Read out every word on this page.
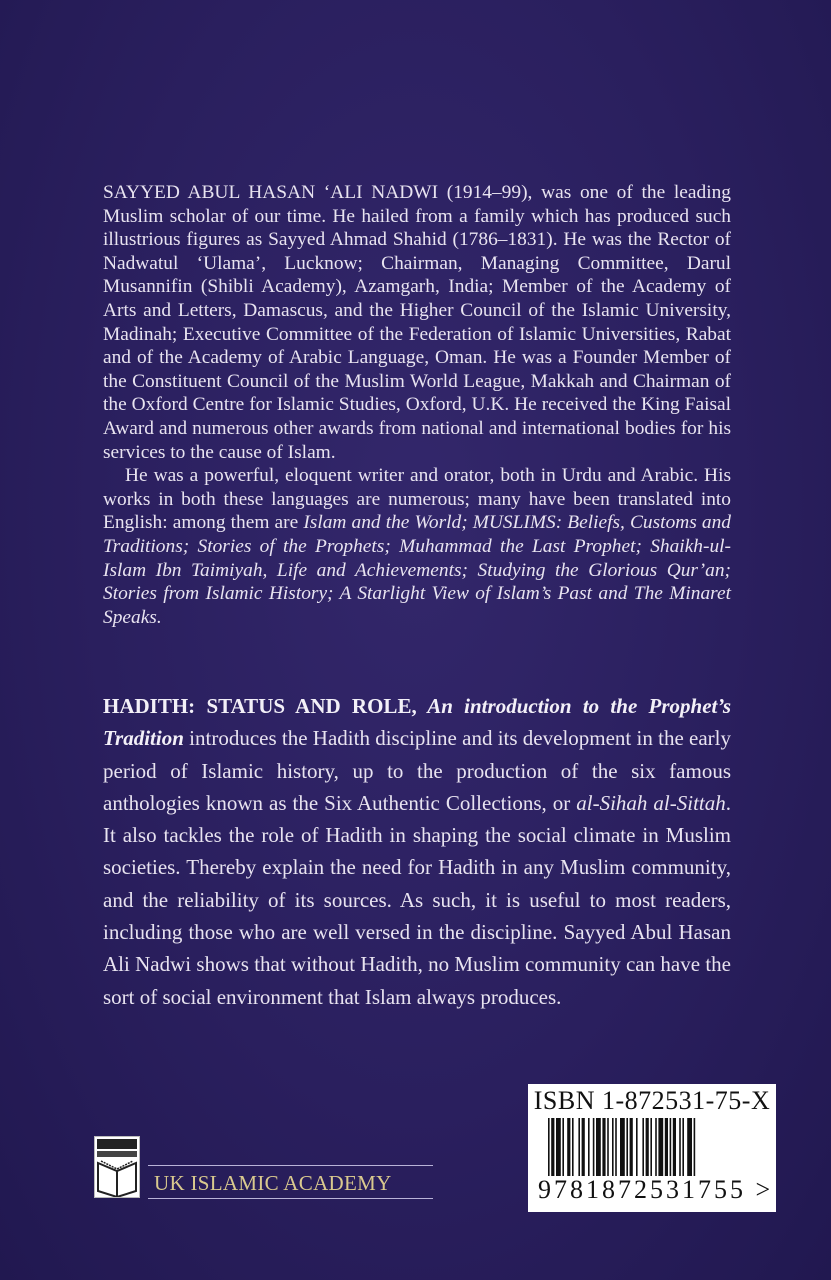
SAYYED ABUL HASAN ‘ALI NADWI (1914–99), was one of the leading Muslim scholar of our time. He hailed from a family which has produced such illustrious figures as Sayyed Ahmad Shahid (1786–1831). He was the Rector of Nadwatul ‘Ulama’, Lucknow; Chairman, Managing Committee, Darul Musannifin (Shibli Academy), Azamgarh, India; Member of the Academy of Arts and Letters, Damascus, and the Higher Council of the Islamic University, Madinah; Executive Committee of the Federation of Islamic Universities, Rabat and of the Academy of Arabic Language, Oman. He was a Founder Member of the Constituent Council of the Muslim World League, Makkah and Chairman of the Oxford Centre for Islamic Studies, Oxford, U.K. He received the King Faisal Award and numerous other awards from national and international bodies for his services to the cause of Islam.

He was a powerful, eloquent writer and orator, both in Urdu and Arabic. His works in both these languages are numerous; many have been translated into English: among them are Islam and the World; MUSLIMS: Beliefs, Customs and Traditions; Stories of the Prophets; Muhammad the Last Prophet; Shaikh-ul-Islam Ibn Taimiyah, Life and Achievements; Studying the Glorious Qur’an; Stories from Islamic History; A Starlight View of Islam’s Past and The Minaret Speaks.

HADITH: STATUS AND ROLE, An introduction to the Prophet’s Tradition introduces the Hadith discipline and its development in the early period of Islamic history, up to the production of the six famous anthologies known as the Six Authentic Collections, or al-Sihah al-Sittah. It also tackles the role of Hadith in shaping the social climate in Muslim societies. Thereby explain the need for Hadith in any Muslim community, and the reliability of its sources. As such, it is useful to most readers, including those who are well versed in the discipline. Sayyed Abul Hasan Ali Nadwi shows that without Hadith, no Muslim community can have the sort of social environment that Islam always produces.

UK ISLAMIC ACADEMY
ISBN 1-872531-75-X
9781872531755 >
